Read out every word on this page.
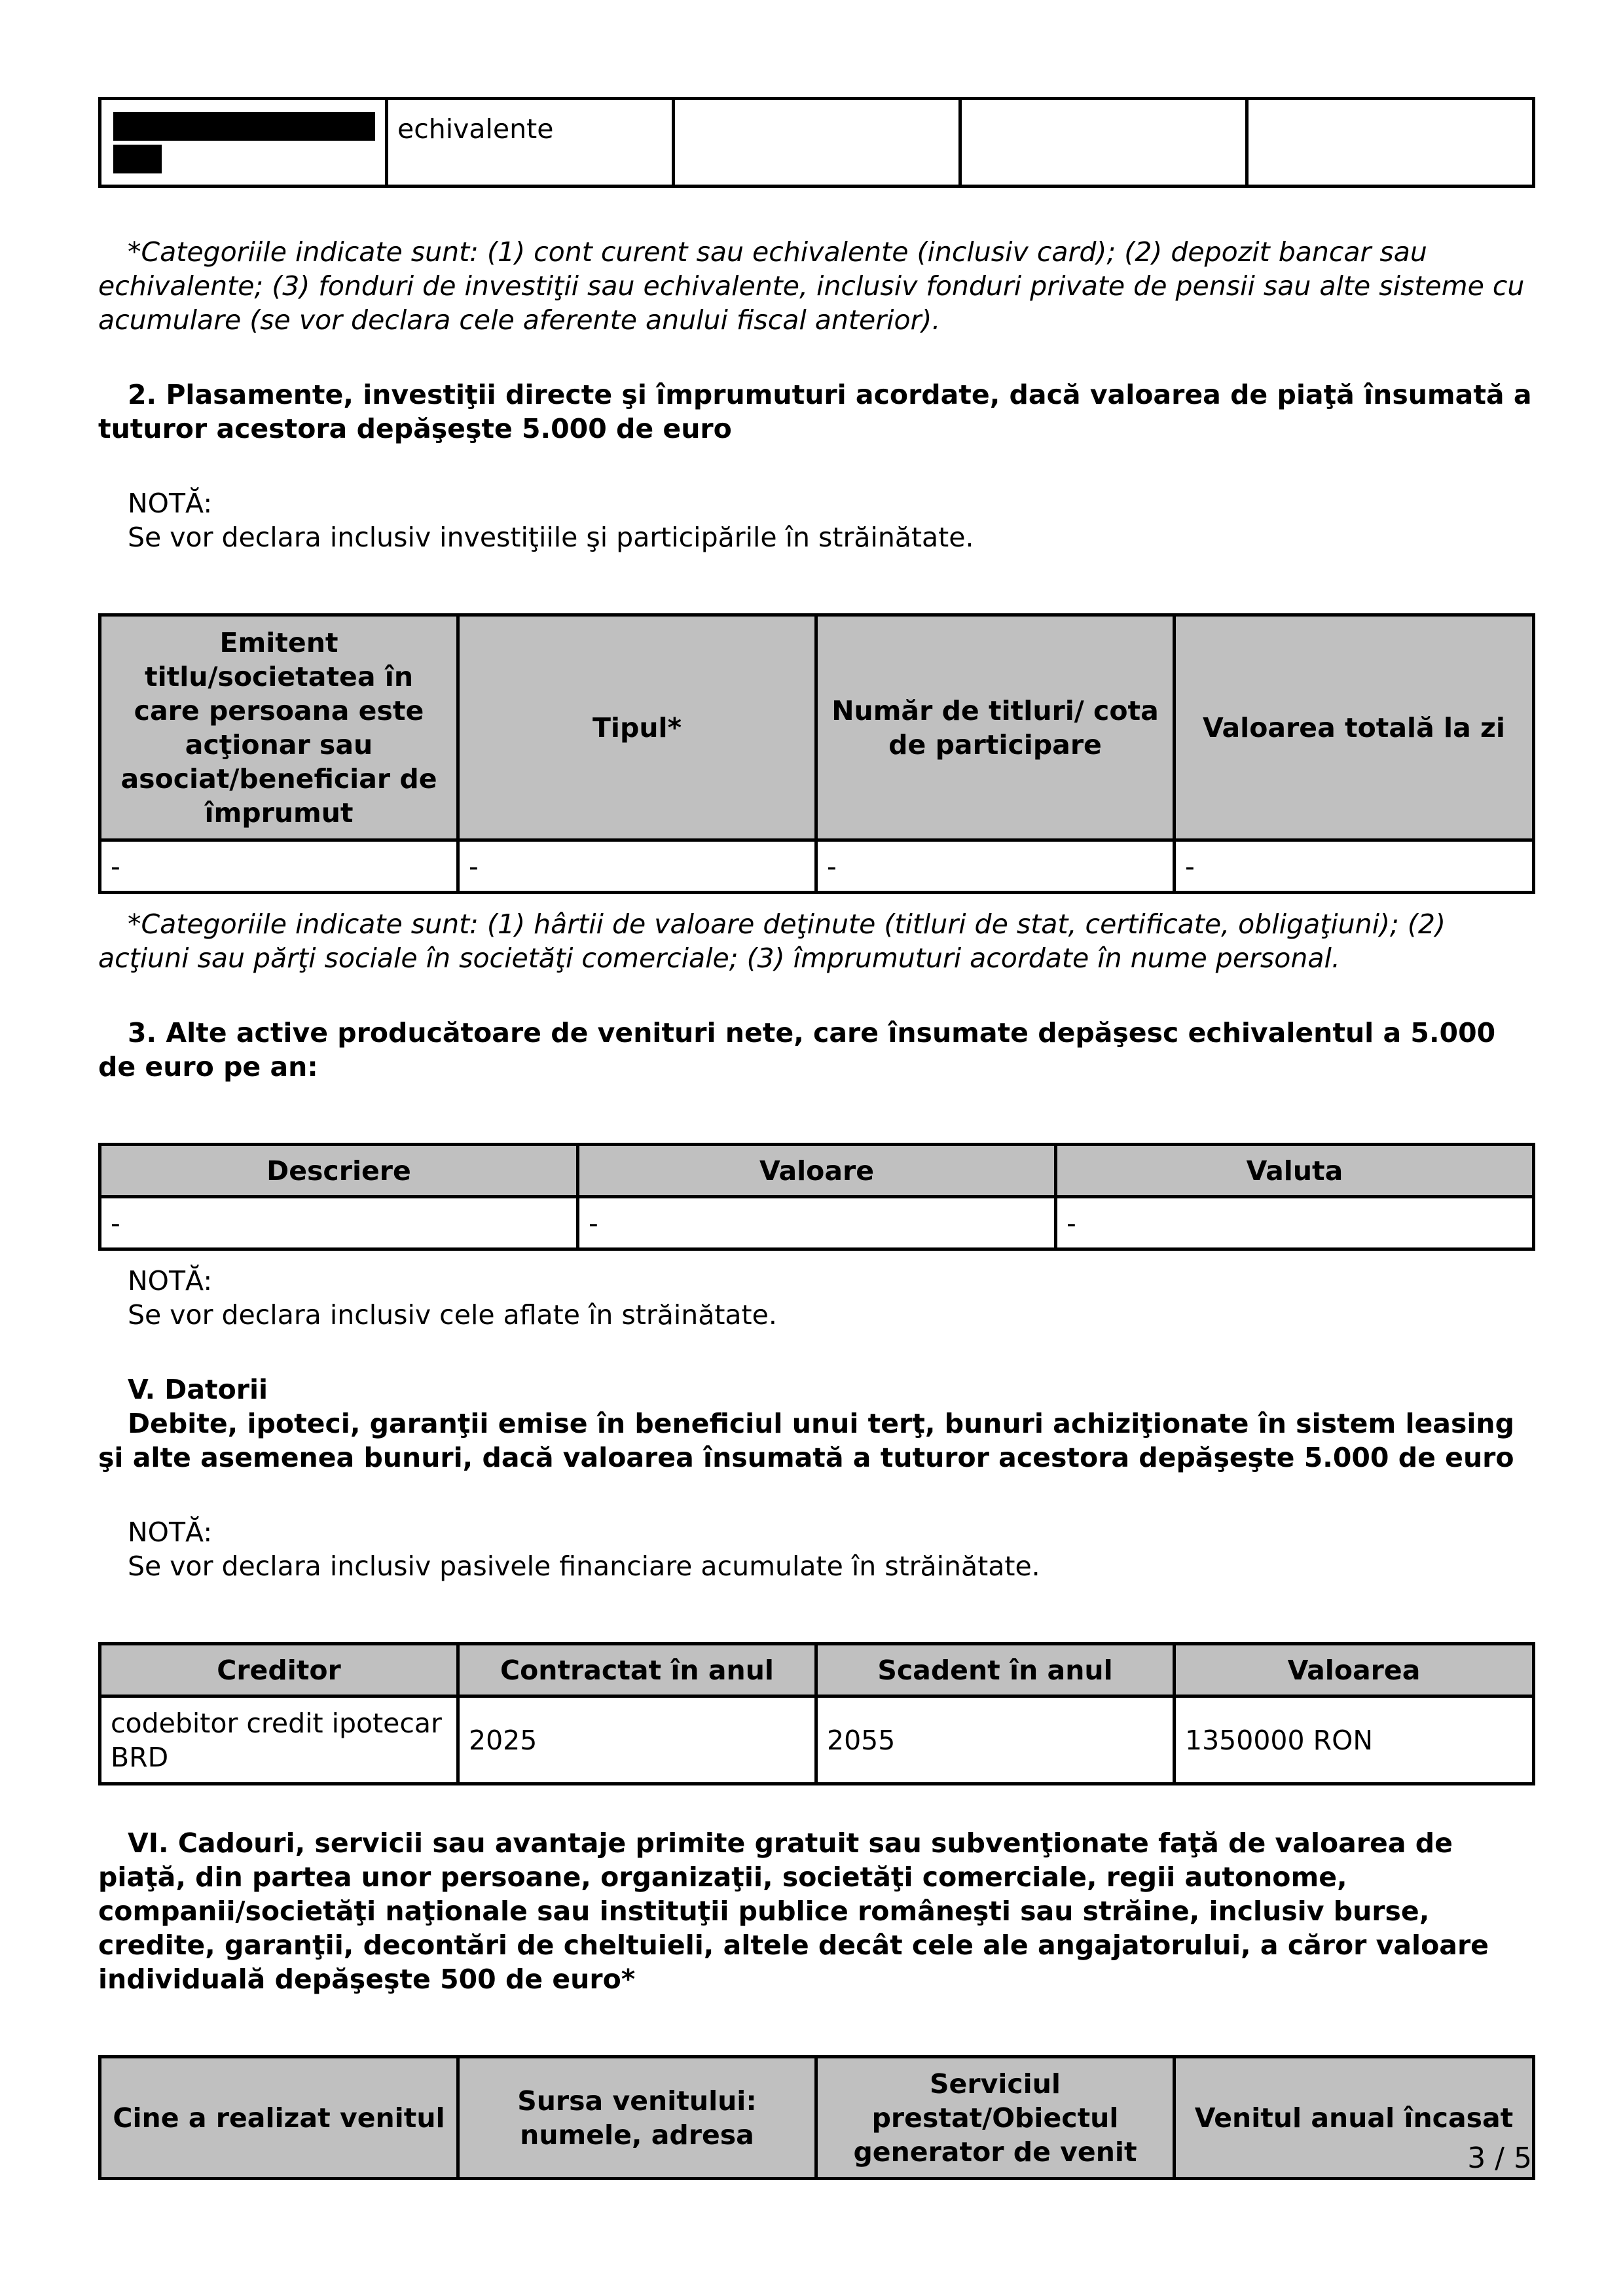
	echivalente			

*Categoriile indicate sunt: (1) cont curent sau echivalente (inclusiv card); (2) depozit bancar sau echivalente; (3) fonduri de investiţii sau echivalente, inclusiv fonduri private de pensii sau alte sisteme cu acumulare (se vor declara cele aferente anului fiscal anterior).

2. Plasamente, investiţii directe şi împrumuturi acordate, dacă valoarea de piaţă însumată a tuturor acestora depăşeşte 5.000 de euro

NOTĂ:

Se vor declara inclusiv investiţiile şi participările în străinătate.

Emitent titlu/societatea în care persoana este acţionar sau asociat/beneficiar de împrumut	Tipul*	Număr de titluri/ cota de participare	Valoarea totală la zi
-	-	-	-

*Categoriile indicate sunt: (1) hârtii de valoare deţinute (titluri de stat, certificate, obligaţiuni); (2) acţiuni sau părţi sociale în societăţi comerciale; (3) împrumuturi acordate în nume personal.

3. Alte active producătoare de venituri nete, care însumate depăşesc echivalentul a 5.000 de euro pe an:

Descriere	Valoare	Valuta
-	-	-

NOTĂ:

Se vor declara inclusiv cele aflate în străinătate.

V. Datorii

Debite, ipoteci, garanţii emise în beneficiul unui terţ, bunuri achiziţionate în sistem leasing şi alte asemenea bunuri, dacă valoarea însumată a tuturor acestora depăşeşte 5.000 de euro

NOTĂ:

Se vor declara inclusiv pasivele financiare acumulate în străinătate.

Creditor	Contractat în anul	Scadent în anul	Valoarea
codebitor credit ipotecar BRD	2025	2055	1350000 RON

VI. Cadouri, servicii sau avantaje primite gratuit sau subvenţionate faţă de valoarea de piaţă, din partea unor persoane, organizaţii, societăţi comerciale, regii autonome, companii/societăţi naţionale sau instituţii publice româneşti sau străine, inclusiv burse, credite, garanţii, decontări de cheltuieli, altele decât cele ale angajatorului, a căror valoare individuală depăşeşte 500 de euro*

Cine a realizat venitul	Sursa venitului: numele, adresa	Serviciul prestat/Obiectul generator de venit	Venitul anual încasat
3 / 5
